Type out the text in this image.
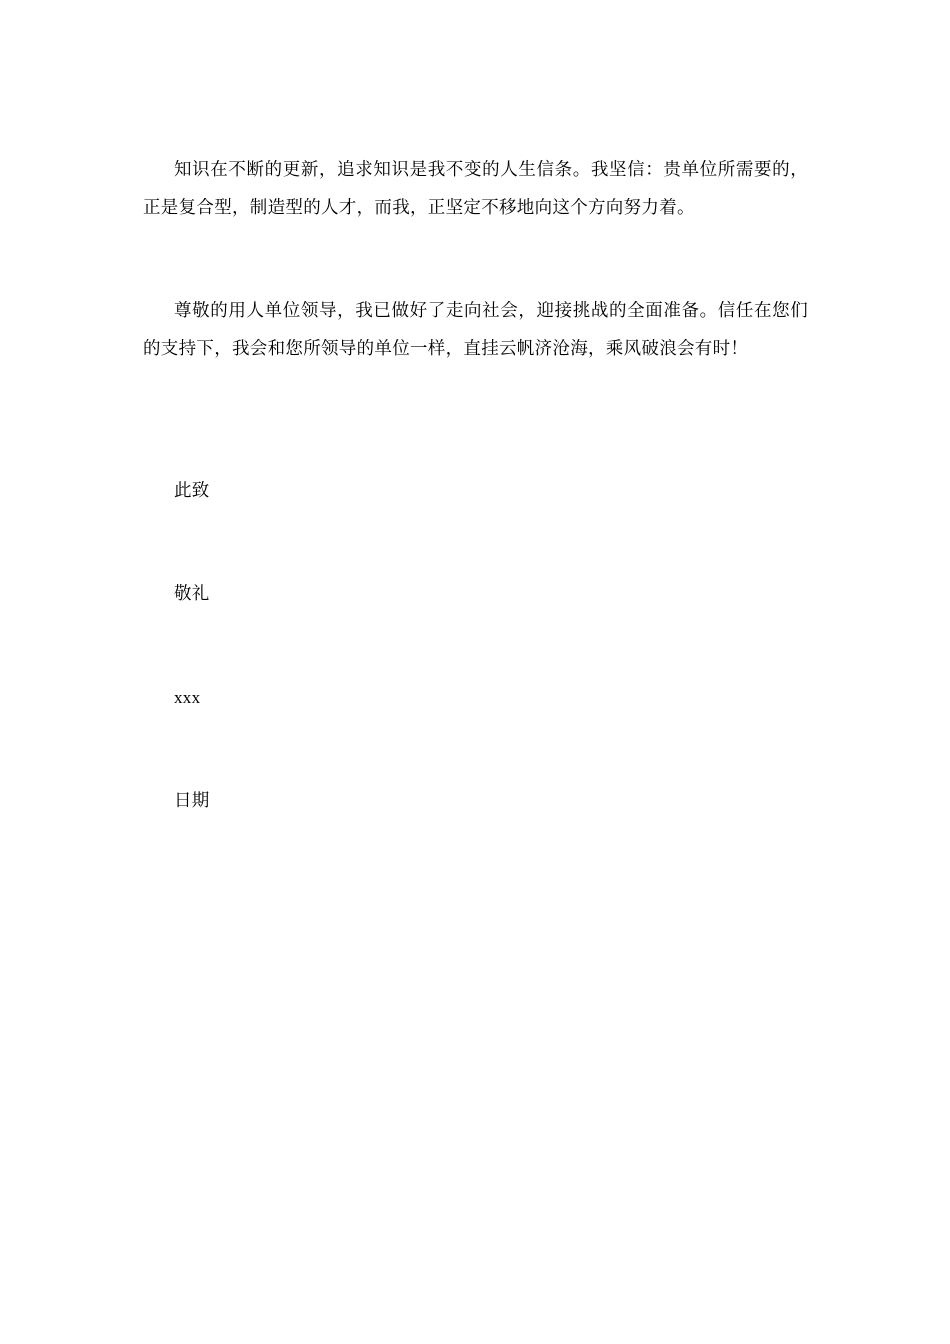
知识在不断的更新，追求知识是我不变的人生信条。我坚信：贵单位所需要的，正是复合型，制造型的人才，而我，正坚定不移地向这个方向努力着。

尊敬的用人单位领导，我已做好了走向社会，迎接挑战的全面准备。信任在您们的支持下，我会和您所领导的单位一样，直挂云帆济沧海，乘风破浪会有时！

此致

敬礼

xxx

日期
